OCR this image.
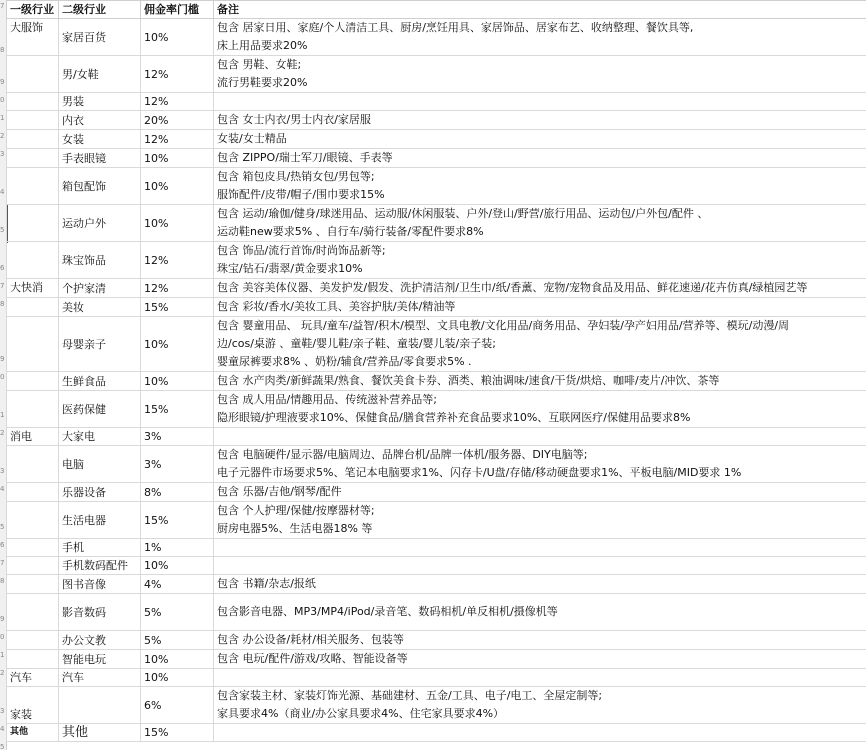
7
8
9
0
1
2
3
4
5
6
7
8
9
0
1
2
3
4
5
6
7
8
9
0
1
2
3
4
5
一级行业	二级行业	佣金率门槛	备注
大服饰	家居百货	10%	包含 居家日用、家庭/个人清洁工具、厨房/烹饪用具、家居饰品、居家布艺、收纳整理、餐饮具等,
床上用品要求20%

	男/女鞋	12%	包含 男鞋、女鞋;
流行男鞋要求20%

	男装	12%	
	内衣	20%	包含 女士内衣/男士内衣/家居服

	女装	12%	女装/女士精品

	手表眼镜	10%	包含 ZIPPO/瑞士军刀/眼镜、手表等

	箱包配饰	10%	包含 箱包皮具/热销女包/男包等;
服饰配件/皮带/帽子/围巾要求15%

	运动户外	10%	包含 运动/瑜伽/健身/球迷用品、运动服/休闲服装、户外/登山/野营/旅行用品、运动包/户外包/配件 、
运动鞋new要求5% 、自行车/骑行装备/零配件要求8%

	珠宝饰品	12%	包含 饰品/流行首饰/时尚饰品新等;
珠宝/钻石/翡翠/黄金要求10%

大快消	个护家清	12%	包含 美容美体仪器、美发护发/假发、洗护清洁剂/卫生巾/纸/香薰、宠物/宠物食品及用品、鲜花速递/花卉仿真/绿植园艺等

	美妆	15%	包含 彩妆/香水/美妆工具、美容护肤/美体/精油等

	母婴亲子	10%	包含 婴童用品、 玩具/童车/益智/积木/模型、文具电教/文化用品/商务用品、孕妇装/孕产妇用品/营养等、模玩/动漫/周
边/cos/桌游 、童鞋/婴儿鞋/亲子鞋、童装/婴儿装/亲子装;
婴童尿裤要求8% 、奶粉/辅食/营养品/零食要求5% .

	生鲜食品	10%	包含 水产肉类/新鲜蔬果/熟食、餐饮美食卡券、酒类、粮油调味/速食/干货/烘焙、咖啡/麦片/冲饮、茶等

	医药保健	15%	包含 成人用品/情趣用品、传统滋补营养品等;
隐形眼镜/护理液要求10%、保健食品/膳食营养补充食品要求10%、互联网医疗/保健用品要求8%

消电	大家电	3%	
	电脑	3%	包含 电脑硬件/显示器/电脑周边、品牌台机/品牌一体机/服务器、DIY电脑等;
电子元器件市场要求5%、笔记本电脑要求1%、闪存卡/U盘/存储/移动硬盘要求1%、平板电脑/MID要求 1%

	乐器设备	8%	包含 乐器/吉他/钢琴/配件

	生活电器	15%	包含 个人护理/保健/按摩器材等;
厨房电器5%、生活电器18% 等

	手机	1%	
	手机数码配件	10%	
	图书音像	4%	包含 书籍/杂志/报纸

	影音数码	5%	包含影音电器、MP3/MP4/iPod/录音笔、数码相机/单反相机/摄像机等

	办公文教	5%	包含 办公设备/耗材/相关服务、包装等

	智能电玩	10%	包含 电玩/配件/游戏/攻略、智能设备等

汽车	汽车	10%	
家装		6%	包含家装主材、家装灯饰光源、基础建材、五金/工具、电子/电工、全屋定制等;
家具要求4%（商业/办公家具要求4%、住宅家具要求4%）

其他	其他	15%	
